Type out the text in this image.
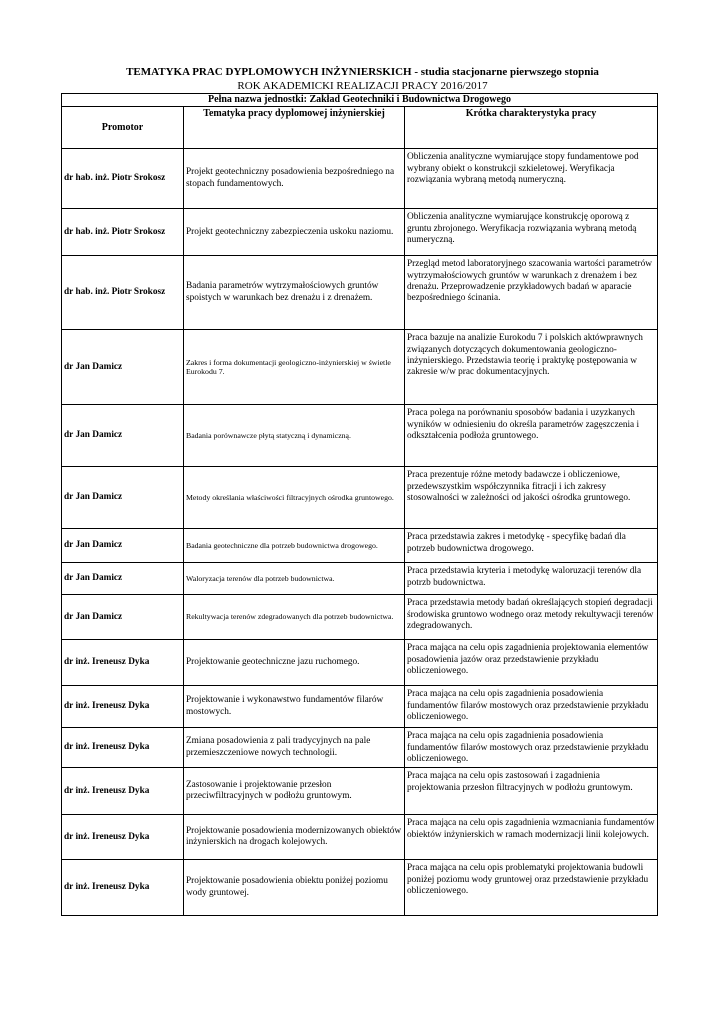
TEMATYKA PRAC DYPLOMOWYCH INŻYNIERSKICH - studia stacjonarne pierwszego stopnia
ROK AKADEMICKI REALIZACJI PRACY 2016/2017
Pełna nazwa jednostki: Zakład Geotechniki i Budownictwa Drogowego		
Promotor	Tematyka pracy dyplomowej inżynierskiej	Krótka charakterystyka pracy
dr hab. inż. Piotr Srokosz	Projekt geotechniczny posadowienia bezpośredniego na stopach fundamentowych.	Obliczenia analityczne wymiarujące stopy fundamentowe pod wybrany obiekt o konstrukcji szkieletowej. Weryfikacja rozwiązania wybraną metodą numeryczną.
dr hab. inż. Piotr Srokosz	Projekt geotechniczny zabezpieczenia uskoku naziomu.	Obliczenia analityczne wymiarujące konstrukcję oporową z gruntu zbrojonego. Weryfikacja rozwiązania wybraną metodą numeryczną.
dr hab. inż. Piotr Srokosz	Badania parametrów wytrzymałościowych gruntów spoistych w warunkach bez drenażu i z drenażem.	Przegląd metod laboratoryjnego szacowania wartości parametrów wytrzymałościowych gruntów w warunkach z drenażem i bez drenażu. Przeprowadzenie przykładowych badań w aparacie bezpośredniego ścinania.
dr Jan Damicz	Zakres i forma dokumentacji geologiczno-inżynierskiej w świetle Eurokodu 7.	Praca bazuje na analizie Eurokodu 7 i polskich aktówprawnych związanych dotyczących dokumentowania geologiczno-inżynierskiego. Przedstawia teorię i praktykę postępowania w zakresie w/w prac dokumentacyjnych.
dr Jan Damicz	Badania porównawcze płytą statyczną i dynamiczną.	Praca polega na porównaniu sposobów badania i uzyzkanych wyników w odniesieniu do określa parametrów zagęszczenia i odkształcenia podłoża gruntowego.
dr Jan Damicz	Metody określania właściwości filtracyjnych ośrodka gruntowego.	Praca prezentuje różne metody badawcze i obliczeniowe, przedewszystkim współczynnika fitracji i ich zakresy stosowalności w zależności od jakości ośrodka gruntowego.
dr Jan Damicz	Badania geotechniczne dla potrzeb budownictwa drogowego.	Praca przedstawia zakres i metodykę - specyfikę badań dla potrzeb budownictwa drogowego.
dr Jan Damicz	Waloryzacja terenów dla potrzeb budownictwa.	Praca przedstawia kryteria i metodykę waloruzacji terenów dla potrzb budownictwa.
dr Jan Damicz	Rekultywacja terenów zdegradowanych dla potrzeb budownictwa.	Praca przedstawia metody badań określających stopień degradacji środowiska gruntowo wodnego oraz metody rekultywacji terenów zdegradowanych.
dr inż. Ireneusz Dyka	Projektowanie geotechniczne jazu ruchomego.	Praca mająca na celu opis zagadnienia projektowania elementów posadowienia jazów oraz przedstawienie przykładu obliczeniowego.
dr inż. Ireneusz Dyka	Projektowanie i wykonawstwo fundamentów filarów mostowych.	Praca mająca na celu opis zagadnienia posadowienia fundamentów filarów mostowych oraz przedstawienie przykładu obliczeniowego.
dr inż. Ireneusz Dyka	Zmiana posadowienia z pali tradycyjnych na pale przemieszczeniowe nowych technologii.	Praca mająca na celu opis zagadnienia posadowienia fundamentów filarów mostowych oraz przedstawienie przykładu obliczeniowego.
dr inż. Ireneusz Dyka	Zastosowanie i projektowanie przesłon przeciwfiltracyjnych w podłożu gruntowym.	Praca mająca na celu opis zastosowań i zagadnienia projektowania przesłon filtracyjnych w podłożu gruntowym.
dr inż. Ireneusz Dyka	Projektowanie posadowienia modernizowanych obiektów inżynierskich na drogach kolejowych.	Praca mająca na celu opis zagadnienia wzmacniania fundamentów obiektów inżynierskich w ramach modernizacji linii kolejowych.
dr inż. Ireneusz Dyka	Projektowanie posadowienia obiektu poniżej poziomu wody gruntowej.	Praca mająca na celu opis problematyki projektowania budowli poniżej poziomu wody gruntowej oraz przedstawienie przykładu obliczeniowego.
